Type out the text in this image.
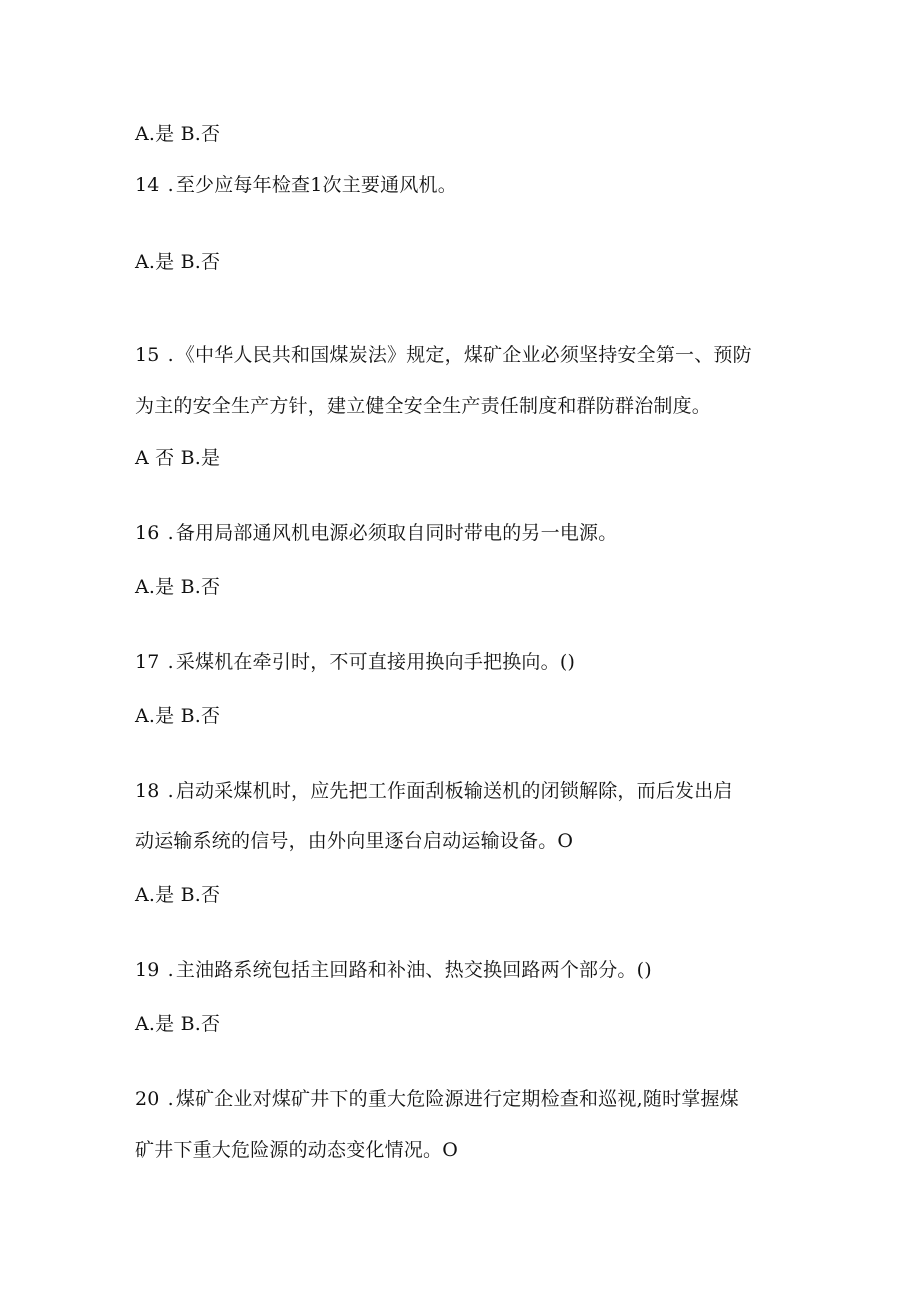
A.是 B.否
14 . 至少应每年检查1次主要通风机。
A.是 B.否
15 . 《中华人民共和国煤炭法》规定，煤矿企业必须坚持安全第一、预防
为主的安全生产方针，建立健全安全生产责任制度和群防群治制度。
A 否 B.是
16 . 备用局部通风机电源必须取自同时带电的另一电源。
A.是 B.否
17 . 采煤机在牵引时，不可直接用换向手把换向。()
A.是 B.否
18 . 启动采煤机时，应先把工作面刮板输送机的闭锁解除，而后发出启
动运输系统的信号，由外向里逐台启动运输设备。O
A.是 B.否
19 . 主油路系统包括主回路和补油、热交换回路两个部分。()
A.是 B.否
20 . 煤矿企业对煤矿井下的重大危险源进行定期检查和巡视,随时掌握煤
矿井下重大危险源的动态变化情况。O
